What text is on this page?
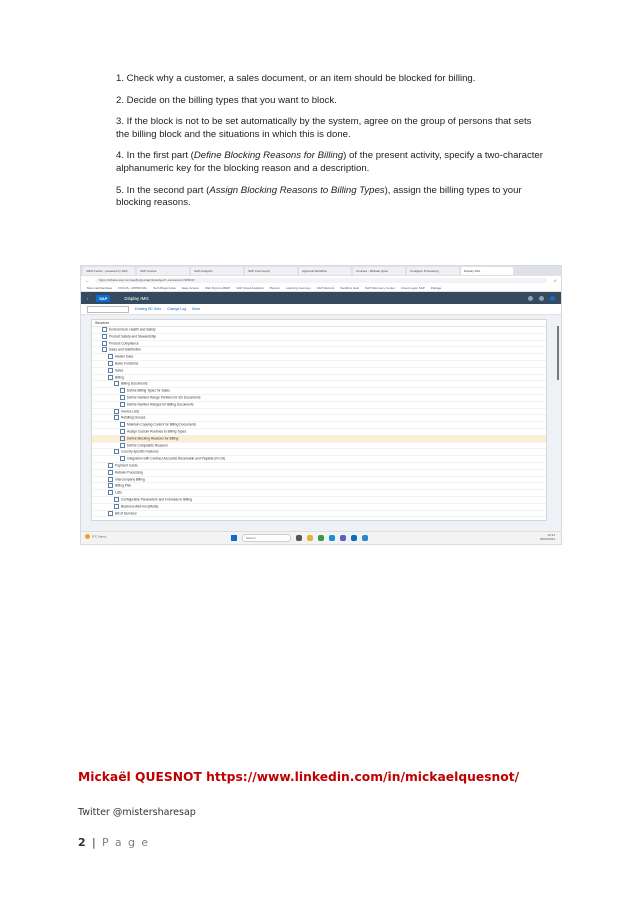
1. Check why a customer, a sales document, or an item should be blocked for billing.

2. Decide on the billing types that you want to block.

3. If the block is not to be set automatically by the system, agree on the group of persons that sets the billing block and the situations in which this is done.

4. In the first part (Define Blocking Reasons for Billing) of the present activity, specify a two-character alphanumeric key for the blocking reason and a description.

5. In the second part (Assign Blocking Reasons to Billing Types), assign the billing types to your blocking reasons.

CRM Center - powered by SAP	SAP Course	SAP Analytics	SAP Community	Approval Workflow	Courses - Mickaël Ques	Configure Processing	Display IMG
←	https://s4hana.sap.com/sap/bc/gui/sap/its/webgui?~transaction=SPRO#	☆
Mes marchandises FOCUS - APPROVAL Tech Blogs Index Easy Access Web Dynpro ABAP SAP Cloud Analytics Planner Learning Journeys SAP Mentors Sandbox Help SAP Discovery Center Cloud Logon SAP Partage
‹	SAP	Display IMG
Existing BC Sets Change Log More
Structure
Environment, Health and Safety
Product Safety and Stewardship
Product Compliance
Sales and Distribution
Master Data
Basic Functions
Sales
Billing
Billing Documents
Define Billing Types for Sales
Define Number Range Prefixes for SD Documents
Define Number Ranges for Billing Documents
Invoice Lists
Rebilling Groups
Maintain Copying Control for Billing Documents
Assign Custom Routines to Billing Types
Define Blocking Reasons for Billing
Define Complaints Reasons
Country-specific Features
Integration with Contract Accounts Receivable and Payable (FI-CA)
Payment Cards
Rebate Processing
Intercompany Billing
Billing Plan
Lists
Configurable Parameters and Formulas in Billing
Business Add-Ins (BAdIs)
Bill of Services
9°C Sunny	Search
10:14
05/03/2024
Mickaël QUESNOT https://www.linkedin.com/in/mickaelquesnot/
Twitter @mistersharesap
2 | P a g e
